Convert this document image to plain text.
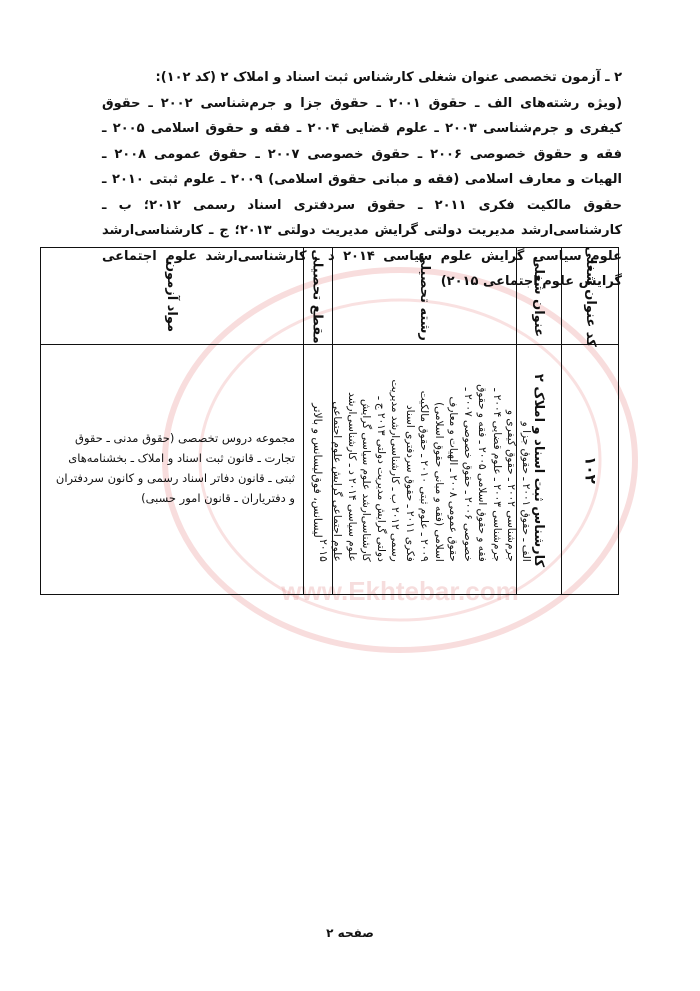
www.Ekhtebar.com

۲ ـ آزمون تخصصی عنوان شغلی کارشناس ثبت اسناد و املاک ۲ (کد ۱۰۲):

(ویژه رشته‌های الف ـ حقوق ۲۰۰۱ ـ حقوق جزا و جرم‌شناسی ۲۰۰۲ ـ حقوق کیفری و جرم‌شناسی ۲۰۰۳ ـ علوم قضایی ۲۰۰۴ ـ فقه و حقوق اسلامی ۲۰۰۵ ـ فقه و حقوق خصوصی ۲۰۰۶ ـ حقوق خصوصی ۲۰۰۷ ـ حقوق عمومی ۲۰۰۸ ـ الهیات و معارف اسلامی (فقه و مبانی حقوق اسلامی) ۲۰۰۹ ـ علوم ثبتی ۲۰۱۰ ـ حقوق مالکیت فکری ۲۰۱۱ ـ حقوق سردفتری اسناد رسمی ۲۰۱۲؛ ب ـ کارشناسی‌ارشد مدیریت دولتی گرایش مدیریت دولتی ۲۰۱۳؛ ج ـ کارشناسی‌ارشد علوم سیاسی گرایش علوم سیاسی ۲۰۱۴ د ـ کارشناسی‌ارشد علوم اجتماعی گرایش علوم اجتماعی ۲۰۱۵)

کد عنوان شغلی
عنوان شغلی
رشته تحصیلی
مقطع تحصیلی
مواد آزمون
۱۰۲
کارشناس ثبت اسناد و املاک ۲
الف ـ حقوق ۲۰۰۱ ـ حقوق جزا و جرم‌شناسی ۲۰۰۲ ـ حقوق کیفری و جرم‌شناسی ۲۰۰۳ ـ علوم قضایی ۲۰۰۴ ـ فقه و حقوق اسلامی ۲۰۰۵ ـ فقه و حقوق خصوصی ۲۰۰۶ ـ حقوق خصوصی ۲۰۰۷ ـ حقوق عمومی ۲۰۰۸ ـ الهیات و معارف اسلامی (فقه و مبانی حقوق اسلامی) ۲۰۰۹ ـ علوم ثبتی ۲۰۱۰ ـ حقوق مالکیت فکری ۲۰۱۱ ـ حقوق سردفتری اسناد رسمی ۲۰۱۲ ب ـ کارشناسی‌ارشد مدیریت دولتی گرایش مدیریت دولتی ۲۰۱۳ ج ـ کارشناسی‌ارشد علوم سیاسی گرایش علوم سیاسی ۲۰۱۴ د ـ کارشناسی‌ارشد علوم اجتماعی گرایش علوم اجتماعی ۲۰۱۵
لیسانس، فوق‌لیسانس و بالاتر
مجموعه دروس تخصصی (حقوق مدنی ـ حقوق تجارت ـ قانون ثبت اسناد و املاک ـ بخشنامه‌های ثبتی ـ قانون دفاتر اسناد رسمی و کانون سردفتران و دفتریاران ـ قانون امور حسبی)
صفحه ۲
